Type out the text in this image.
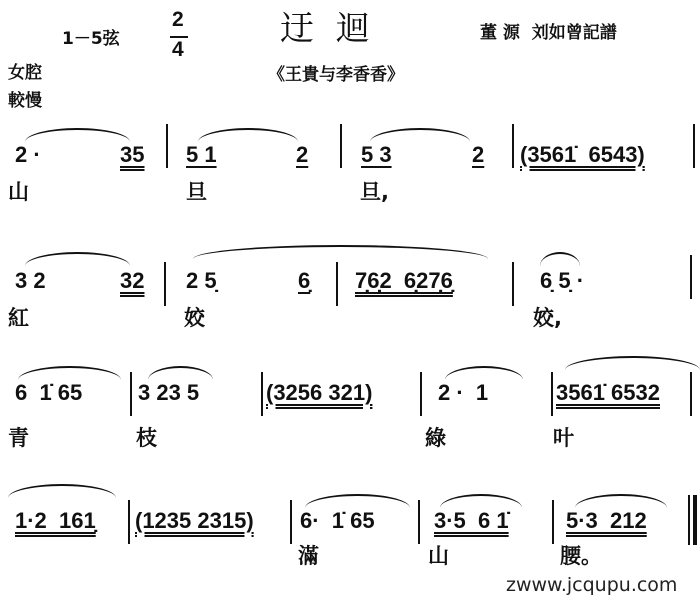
1－5弦
2
4
迂  迴	董 源  刘如曾記譜
《王貴与李香香》
女腔
較慢
2 ·	35 5 1	2 5 3	2 (3561̇  6543)
山	旦	旦,
3 2	32 2 5̣	6̣ 7̣6̣2  6̣27̣6̣	6̣ 5̣ ·
紅	姣	姣,
6  1̇ 65	3 23 5	(3256 321)	2 ·  1	3561̇ 6532
青	枝	綠	叶
1·2  161̣ (1235 2315) 6·  1̇ 65	3·5  6 1̇	5·3  212
滿	山	腰。
zwww.jcqupu.com
